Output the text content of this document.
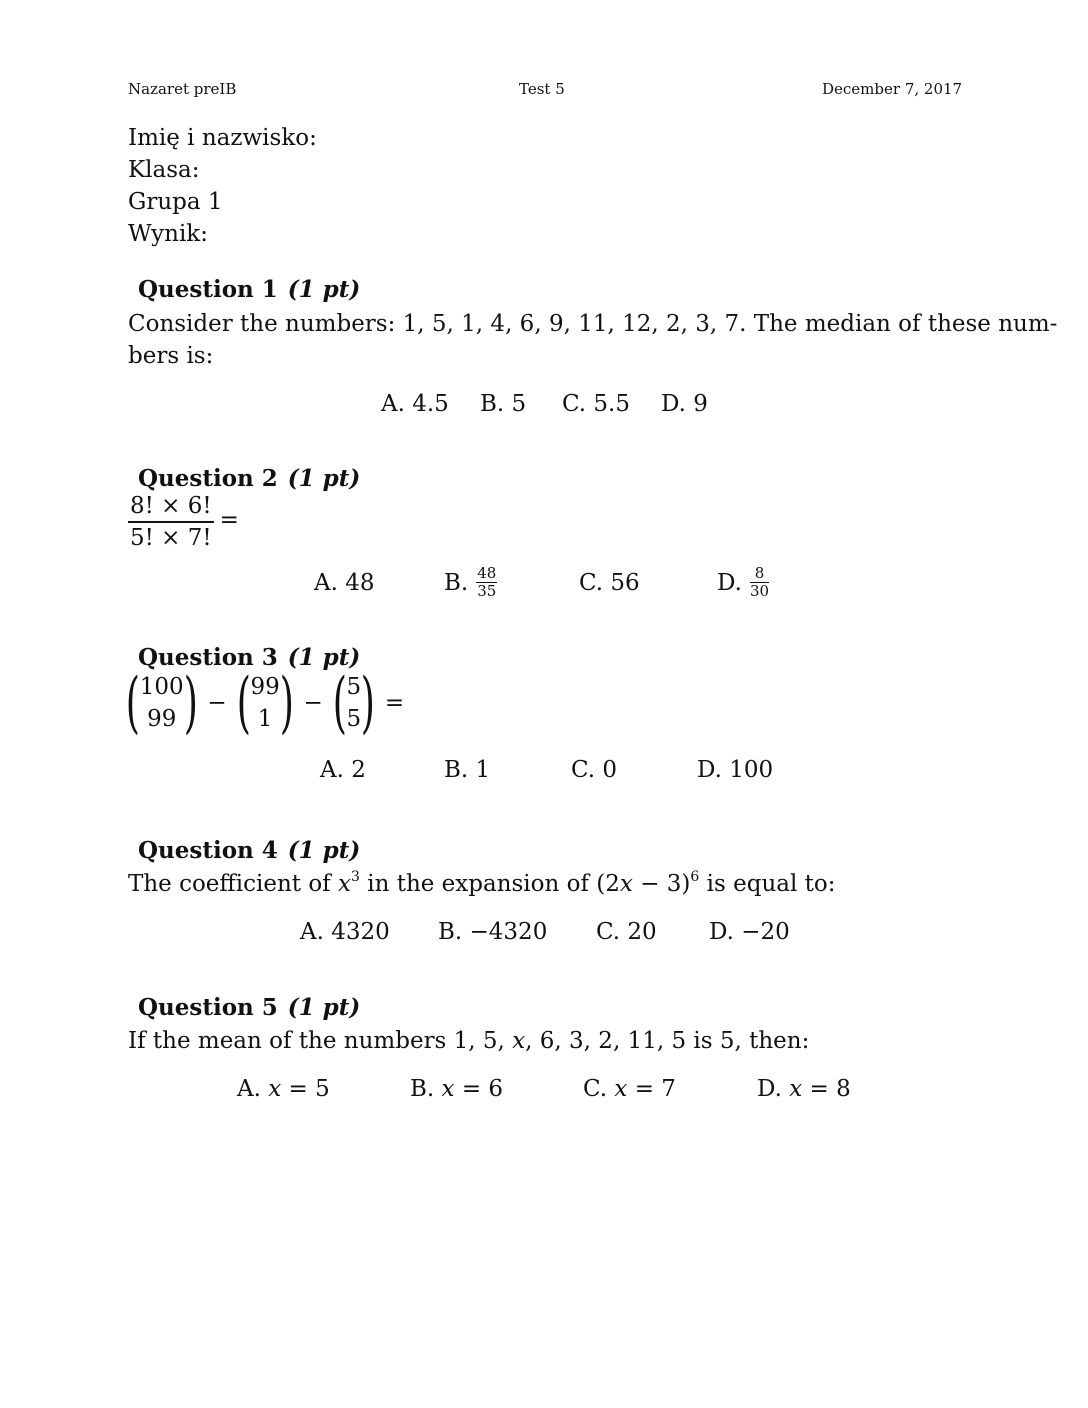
Nazaret preIB	Test 5	December 7, 2017
Imię i nazwisko:
Klasa:
Grupa 1
Wynik:
Question 1 (1 pt)
Consider the numbers: 1, 5, 1, 4, 6, 9, 11, 12, 2, 3, 7. The median of these num-
bers is:
A. 4.5 B. 5 C. 5.5 D. 9
Question 2 (1 pt)
$\frac{8! \times 6!}{5! \times 7!}$ =
A. 48	B. $\frac{48}{35}$	C. 56	D. $\frac{8}{30}$
Question 3 (1 pt)
( 100
99 ) − ( 99
1 ) − ( 5
5 ) =
A. 2	B. 1	C. 0	D. 100
Question 4 (1 pt)
The coefficient of $x^3$ in the expansion of $(2x - 3)^6$ is equal to:
A. 4320 B. −4320 C. 20 D. −20
Question 5 (1 pt)
If the mean of the numbers 1, 5, x, 6, 3, 2, 11, 5 is 5, then:
A. x = 5	B. x = 6	C. x = 7	D. x = 8
